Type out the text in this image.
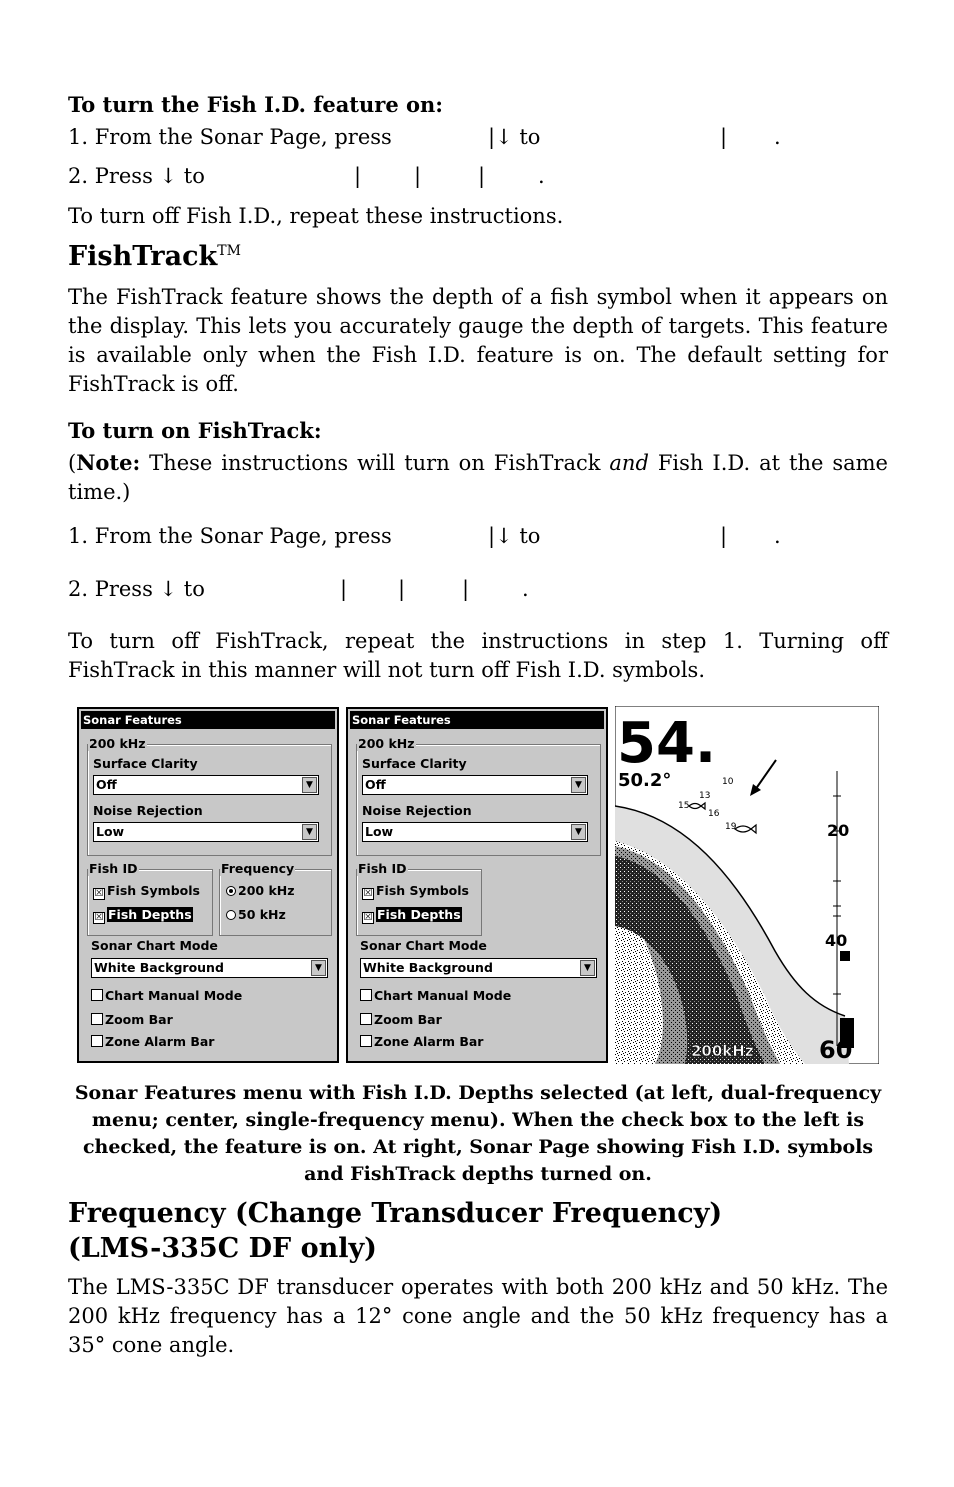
To turn the Fish I.D. feature on:
1. From the Sonar Page, press	|↓ to	| .
2. Press ↓ to	|	|	|	.
To turn off Fish I.D., repeat these instructions.
FishTrack™
The FishTrack feature shows the depth of a fish symbol when it appears on the display. This lets you accurately gauge the depth of targets. This feature is available only when the Fish I.D. feature is on. The default setting for FishTrack is off.
To turn on FishTrack:
(Note: These instructions will turn on FishTrack and Fish I.D. at the same time.)
1. From the Sonar Page, press	|↓ to	| .
2. Press ↓ to	| |	|	.
To turn off FishTrack, repeat the instructions in step 1. Turning off FishTrack in this manner will not turn off Fish I.D. symbols.
Sonar Features
200 kHz
Surface Clarity
Off	▼
Noise Rejection
Low	▼
Fish ID
☒ Fish Symbols
☒ Fish Depths
Frequency
200 kHz
50 kHz
Sonar Chart Mode
White Background	▼
Chart Manual Mode
Zoom Bar
Zone Alarm Bar
Sonar Features
200 kHz
Surface Clarity
Off	▼
Noise Rejection
Low	▼
Fish ID
☒ Fish Symbols
☒ Fish Depths
Sonar Chart Mode
White Background	▼
Chart Manual Mode
Zoom Bar
Zone Alarm Bar
54.
50.2°	10
13
15
16
19	20
40
60
200kHz
Sonar Features menu with Fish I.D. Depths selected (at left, dual-frequency menu; center, single-frequency menu). When the check box to the left is checked, the feature is on. At right, Sonar Page showing Fish I.D. symbols and FishTrack depths turned on.
Frequency (Change Transducer Frequency)
(LMS-335C DF only)
The LMS-335C DF transducer operates with both 200 kHz and 50 kHz. The 200 kHz frequency has a 12° cone angle and the 50 kHz frequency has a 35° cone angle.
